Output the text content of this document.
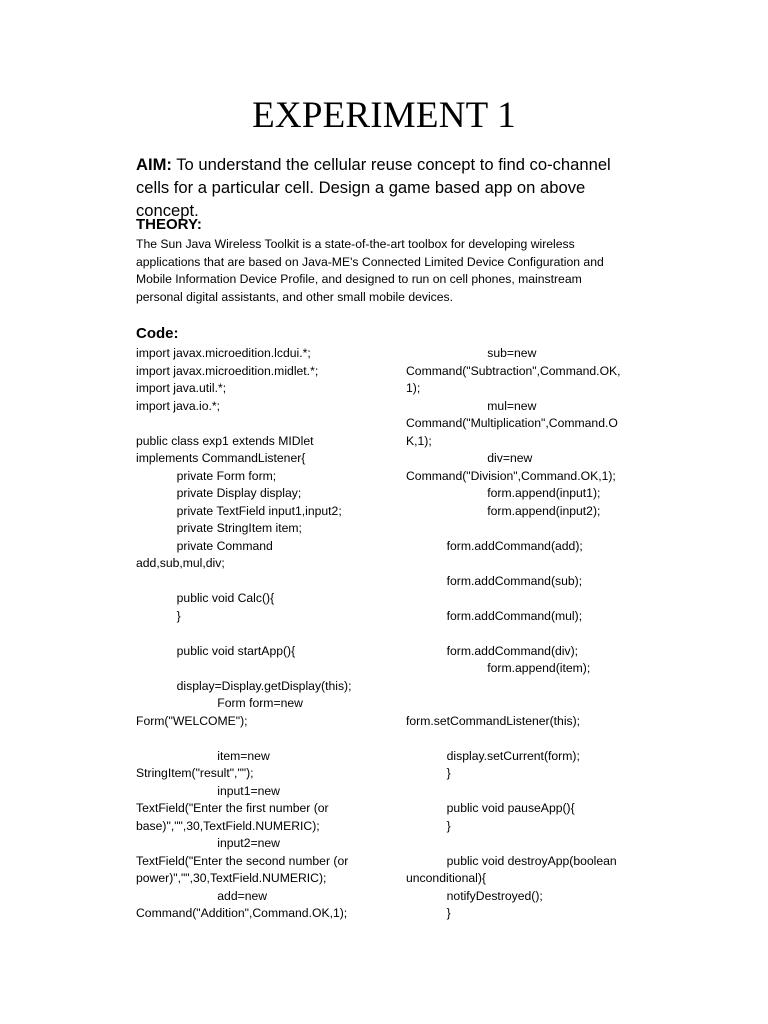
EXPERIMENT 1
AIM: To understand the cellular reuse concept to find co-channel cells for a particular cell. Design a game based app on above concept.
THEORY:
The Sun Java Wireless Toolkit is a state-of-the-art toolbox for developing wireless applications that are based on Java-ME's Connected Limited Device Configuration and Mobile Information Device Profile, and designed to run on cell phones, mainstream personal digital assistants, and other small mobile devices.
Code:
import javax.microedition.lcdui.*;
import javax.microedition.midlet.*;
import java.util.*;
import java.io.*;
public class exp1 extends MIDlet
implements CommandListener{
private Form form;
private Display display;
private TextField input1,input2;
private StringItem item;
private Command
add,sub,mul,div;
public void Calc(){
}
public void startApp(){
display=Display.getDisplay(this);
Form form=new
Form("WELCOME");
item=new
StringItem("result","");
input1=new
TextField("Enter the first number (or
base)","",30,TextField.NUMERIC);
input2=new
TextField("Enter the second number (or
power)","",30,TextField.NUMERIC);
add=new
Command("Addition",Command.OK,1);
sub=new
Command("Subtraction",Command.OK,
1);
mul=new
Command("Multiplication",Command.O
K,1);
div=new
Command("Division",Command.OK,1);
form.append(input1);
form.append(input2);
form.addCommand(add);
form.addCommand(sub);
form.addCommand(mul);
form.addCommand(div);
form.append(item);
form.setCommandListener(this);
display.setCurrent(form);
}
public void pauseApp(){
}
public void destroyApp(boolean
unconditional){
notifyDestroyed();
}
